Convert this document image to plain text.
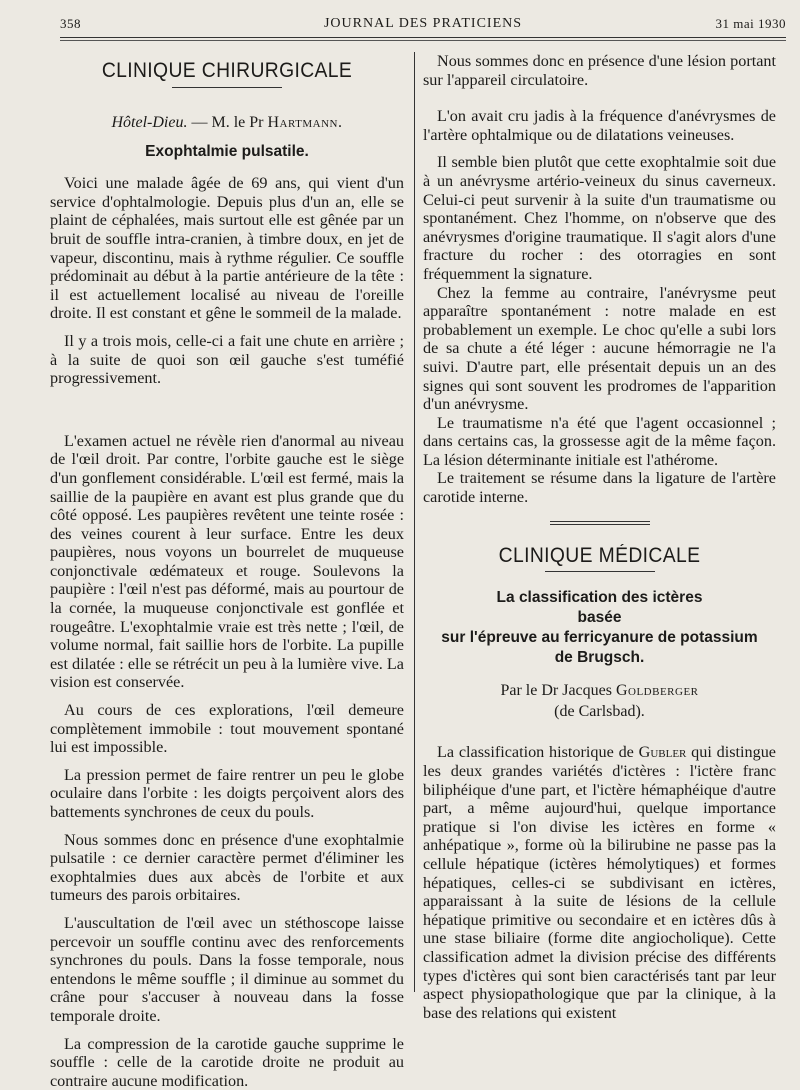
358	JOURNAL DES PRATICIENS	31 mai 1930
CLINIQUE CHIRURGICALE
Hôtel-Dieu. — M. le Pr Hartmann.
Exophtalmie pulsatile.

Voici une malade âgée de 69 ans, qui vient d'un service d'ophtalmologie. Depuis plus d'un an, elle se plaint de céphalées, mais surtout elle est gênée par un bruit de souffle intra-cranien, à timbre doux, en jet de vapeur, discontinu, mais à rythme régulier. Ce souffle prédominait au début à la partie antérieure de la tête : il est actuellement localisé au niveau de l'oreille droite. Il est constant et gêne le sommeil de la malade.

Il y a trois mois, celle-ci a fait une chute en arrière ; à la suite de quoi son œil gauche s'est tuméfié progressivement.

L'examen actuel ne révèle rien d'anormal au niveau de l'œil droit. Par contre, l'orbite gauche est le siège d'un gonflement considérable. L'œil est fermé, mais la saillie de la paupière en avant est plus grande que du côté opposé. Les paupières revêtent une teinte rosée : des veines courent à leur surface. Entre les deux paupières, nous voyons un bourrelet de muqueuse conjonctivale œdémateux et rouge. Soulevons la paupière : l'œil n'est pas déformé, mais au pourtour de la cornée, la muqueuse conjonctivale est gonflée et rougeâtre. L'exophtalmie vraie est très nette ; l'œil, de volume normal, fait saillie hors de l'orbite. La pupille est dilatée : elle se rétrécit un peu à la lumière vive. La vision est conservée.

Au cours de ces explorations, l'œil demeure complètement immobile : tout mouvement spontané lui est impossible.

La pression permet de faire rentrer un peu le globe oculaire dans l'orbite : les doigts perçoivent alors des battements synchrones de ceux du pouls.

Nous sommes donc en présence d'une exophtalmie pulsatile : ce dernier caractère permet d'éliminer les exophtalmies dues aux abcès de l'orbite et aux tumeurs des parois orbitaires.

L'auscultation de l'œil avec un stéthoscope laisse percevoir un souffle continu avec des renforcements synchrones du pouls. Dans la fosse temporale, nous entendons le même souffle ; il diminue au sommet du crâne pour s'accuser à nouveau dans la fosse temporale droite.

La compression de la carotide gauche supprime le souffle : celle de la carotide droite ne produit au contraire aucune modification.

Nous sommes donc en présence d'une lésion portant sur l'appareil circulatoire.

L'on avait cru jadis à la fréquence d'anévrysmes de l'artère ophtalmique ou de dilatations veineuses.

Il semble bien plutôt que cette exophtalmie soit due à un anévrysme artério-veineux du sinus caverneux. Celui-ci peut survenir à la suite d'un traumatisme ou spontanément. Chez l'homme, on n'observe que des anévrysmes d'origine traumatique. Il s'agit alors d'une fracture du rocher : des otorragies en sont fréquemment la signature.

Chez la femme au contraire, l'anévrysme peut apparaître spontanément : notre malade en est probablement un exemple. Le choc qu'elle a subi lors de sa chute a été léger : aucune hémorragie ne l'a suivi. D'autre part, elle présentait depuis un an des signes qui sont souvent les prodromes de l'apparition d'un anévrysme.

Le traumatisme n'a été que l'agent occasionnel ; dans certains cas, la grossesse agit de la même façon. La lésion déterminante initiale est l'athérome.

Le traitement se résume dans la ligature de l'artère carotide interne.

CLINIQUE MÉDICALE
La classification des ictères
basée
sur l'épreuve au ferricyanure de potassium
de Brugsch.
Par le Dr Jacques Goldberger
(de Carlsbad).

La classification historique de Gubler qui distingue les deux grandes variétés d'ictères : l'ictère franc biliphéique d'une part, et l'ictère hémaphéique d'autre part, a même aujourd'hui, quelque importance pratique si l'on divise les ictères en forme « anhépatique », forme où la bilirubine ne passe pas la cellule hépatique (ictères hémolytiques) et formes hépatiques, celles-ci se subdivisant en ictères, apparaissant à la suite de lésions de la cellule hépatique primitive ou secondaire et en ictères dûs à une stase biliaire (forme dite angiocholique). Cette classification admet la division précise des différents types d'ictères qui sont bien caractérisés tant par leur aspect physiopathologique que par la clinique, à la base des relations qui existent
